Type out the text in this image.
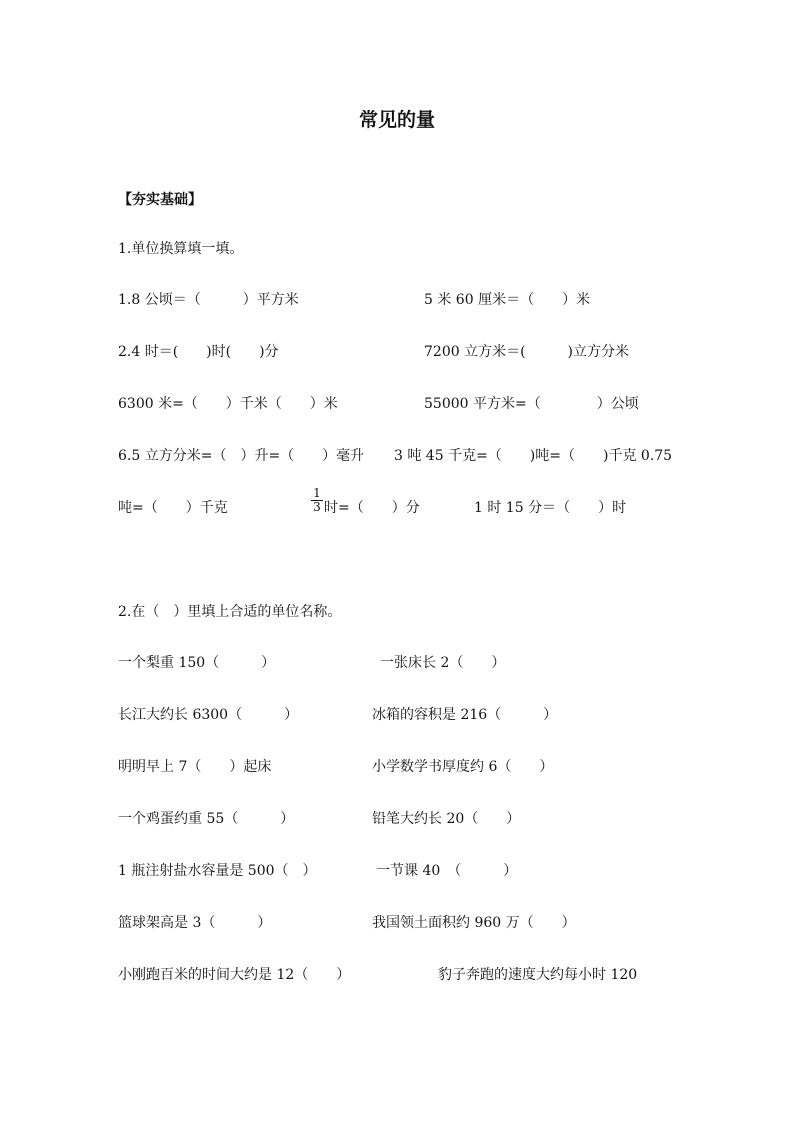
常见的量
【夯实基础】
1.单位换算填一填。
1.8 公顷＝（　　　）平方米	5 米 60 厘米＝（　　）米
2.4 时＝(　　)时(　　)分	7200 立方米＝(　　　)立方分米
6300 米=（　　）千米（　　）米	55000 平方米=（　　　　）公顷
6.5 立方分米=（　）升=（　　）毫升 3 吨 45 千克=（　　)吨=（　　)千克 0.75
吨=（　　）千克
1
3 时=（　　）分	1 时 15 分＝（　　）时
2.在（　）里填上合适的单位名称。
一个梨重 150（　　　）	一张床长 2（　　）
长江大约长 6300（　　　）	冰箱的容积是 216（　　　）
明明早上 7（　　）起床	小学数学书厚度约 6（　　）
一个鸡蛋约重 55（　　　）	铅笔大约长 20（　　）
1 瓶注射盐水容量是 500（　）	一节课 40　（　　　）
篮球架高是 3（　　　）	我国领土面积约 960 万（　　）
小刚跑百米的时间大约是 12（　　）	豹子奔跑的速度大约每小时 120
